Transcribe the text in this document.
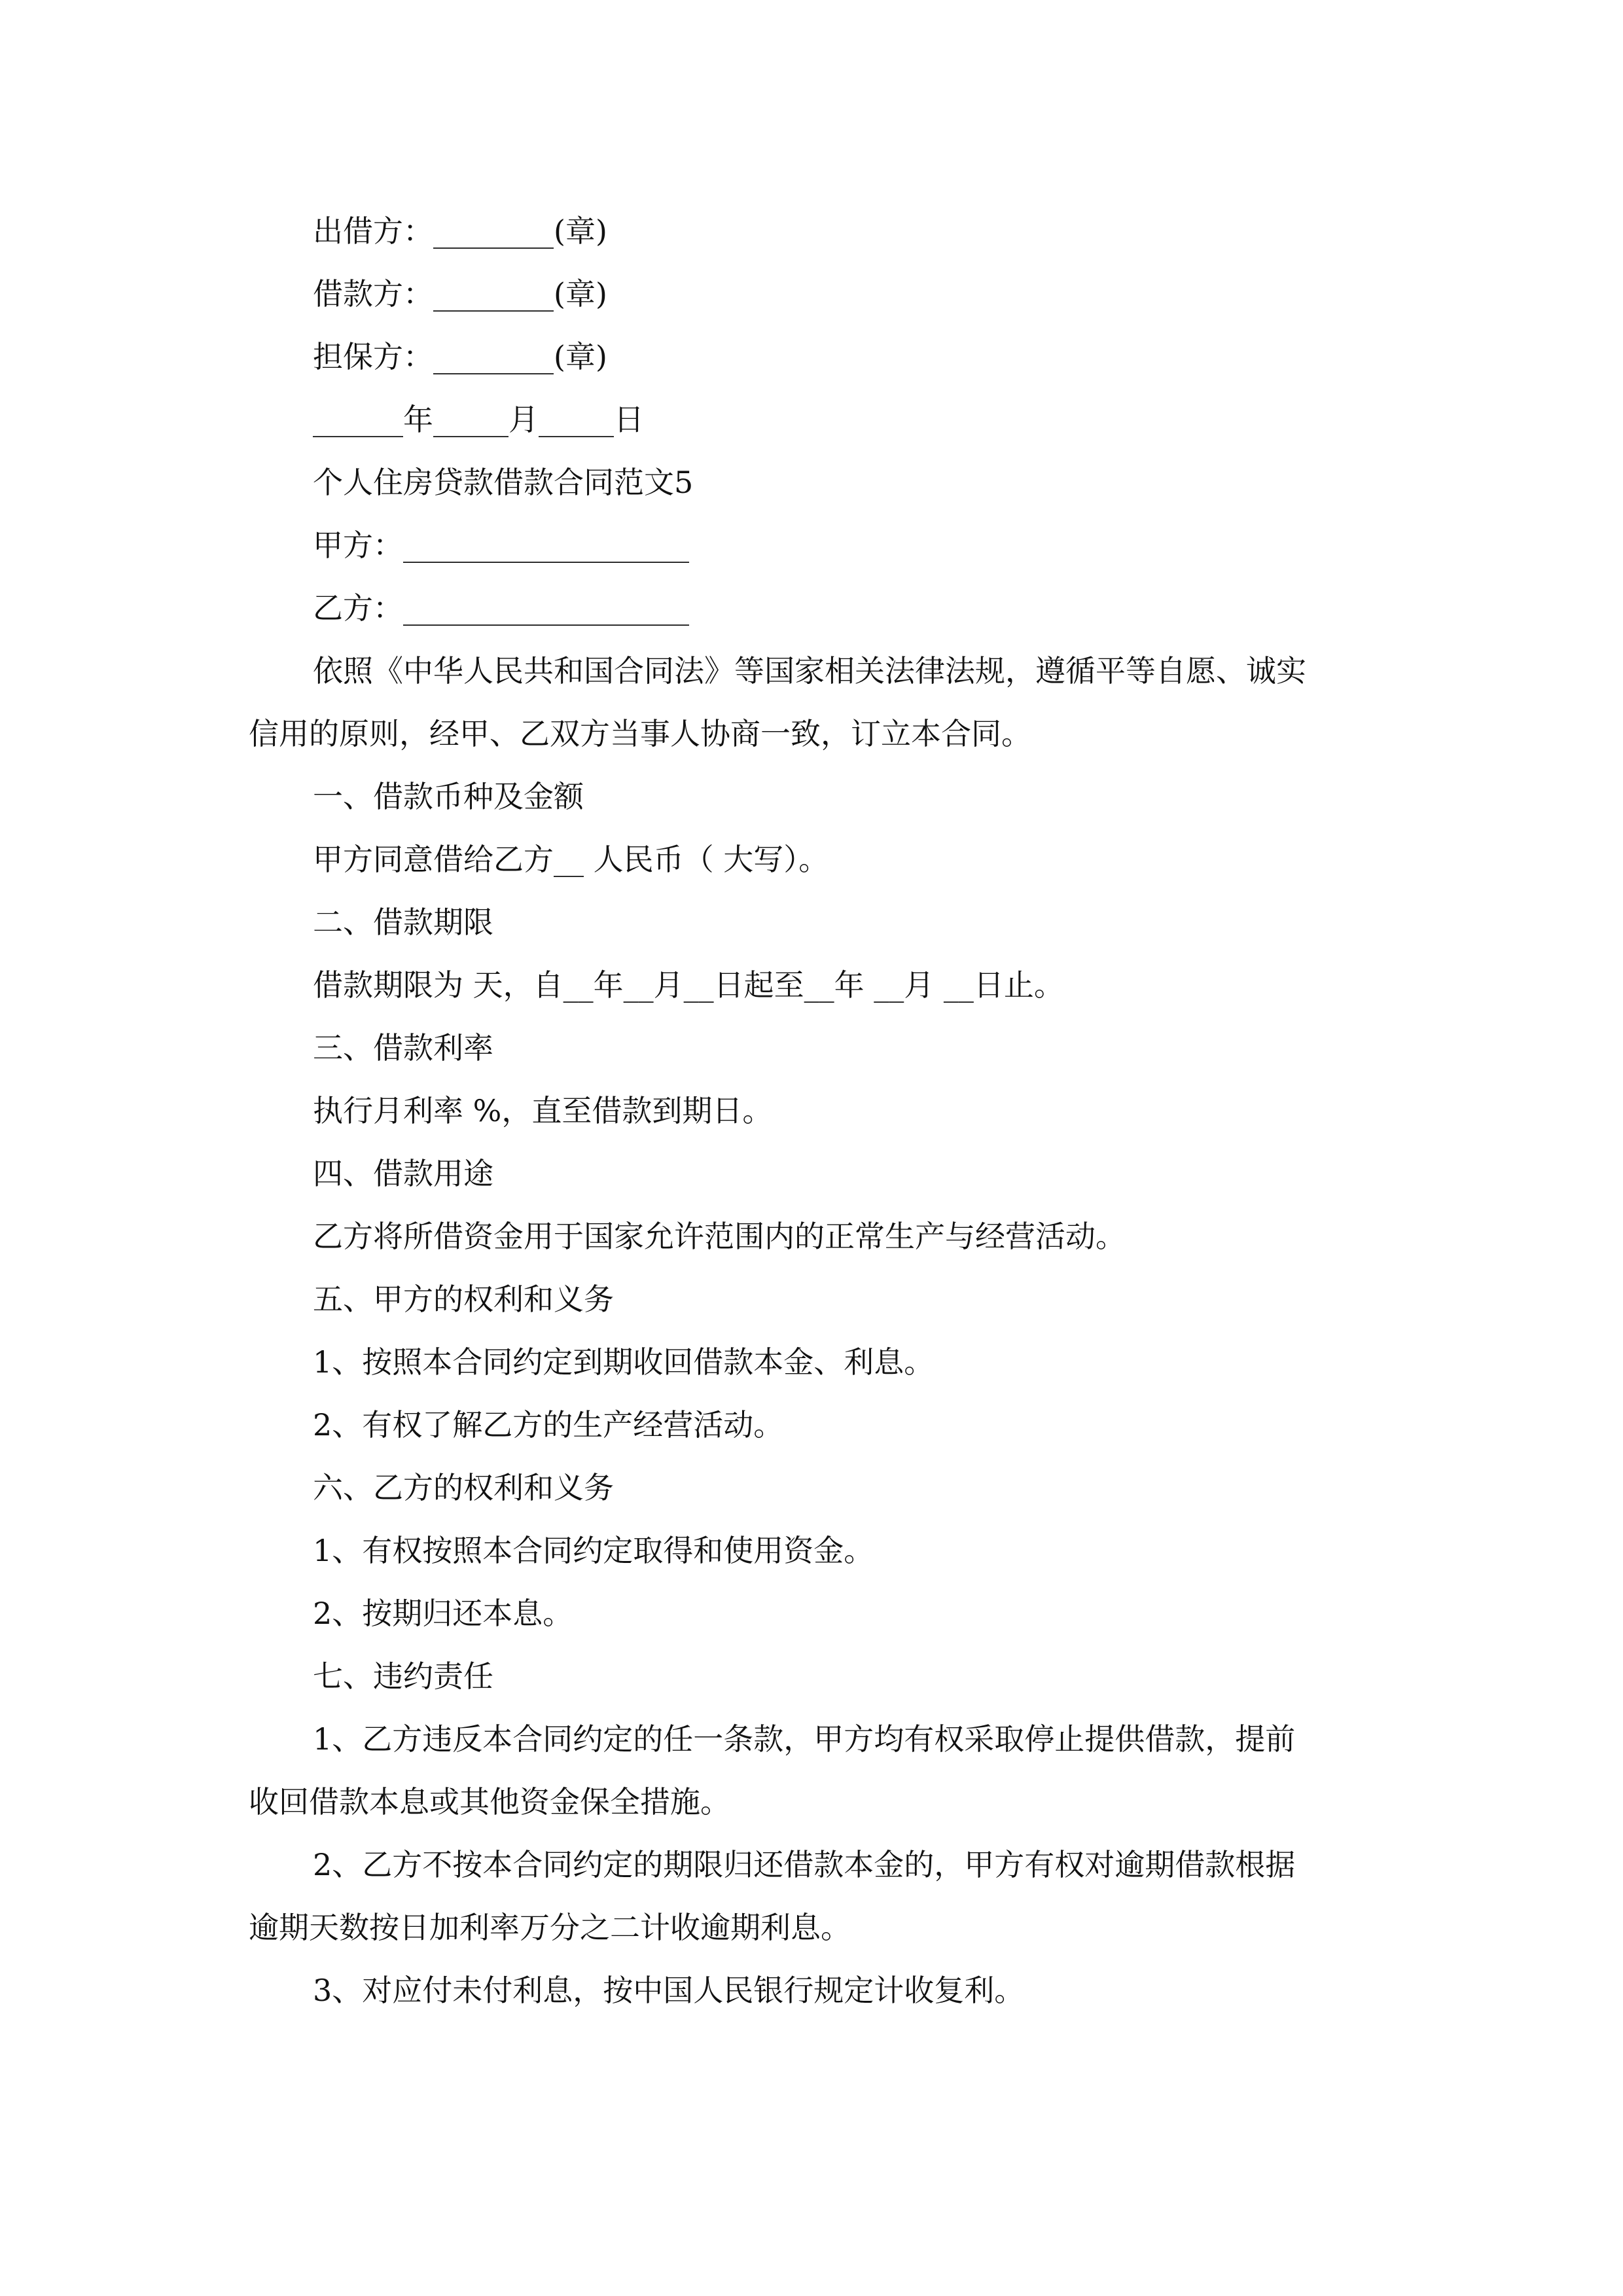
出借方：________(章)
借款方：________(章)
担保方：________(章)
______年_____月_____日
个人住房贷款借款合同范文5
甲方：___________________
乙方：___________________
依照《中华人民共和国合同法》等国家相关法律法规，遵循平等自愿、诚实
信用的原则，经甲、乙双方当事人协商一致，订立本合同。
一、借款币种及金额
甲方同意借给乙方__ 人民币（ 大写）。
二、借款期限
借款期限为 天，自__年__月__日起至__年 __月 __日止。
三、借款利率
执行月利率 %，直至借款到期日。
四、借款用途
乙方将所借资金用于国家允许范围内的正常生产与经营活动。
五、甲方的权利和义务
1、按照本合同约定到期收回借款本金、利息。
2、有权了解乙方的生产经营活动。
六、乙方的权利和义务
1、有权按照本合同约定取得和使用资金。
2、按期归还本息。
七、违约责任
1、乙方违反本合同约定的任一条款，甲方均有权采取停止提供借款，提前
收回借款本息或其他资金保全措施。
2、乙方不按本合同约定的期限归还借款本金的，甲方有权对逾期借款根据
逾期天数按日加利率万分之二计收逾期利息。
3、对应付未付利息，按中国人民银行规定计收复利。
